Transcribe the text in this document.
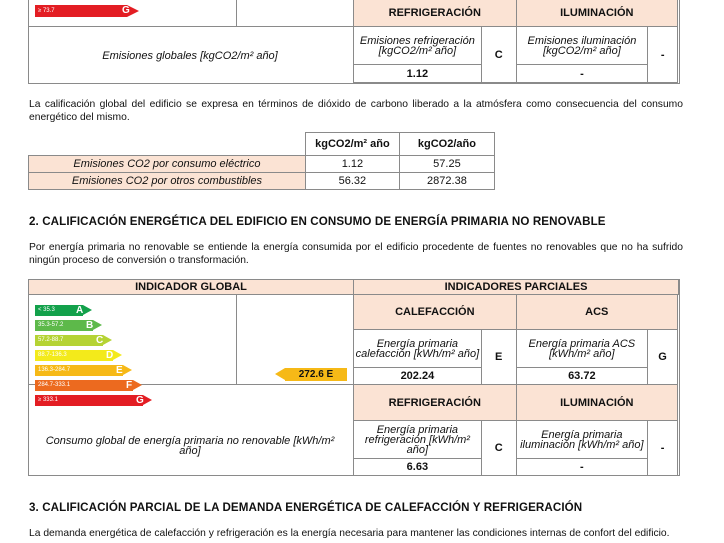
≥ 73.7	G	REFRIGERACIÓN		ILUMINACIÓN	
Emisiones refrigeración [kgCO2/m² año]	C	Emisiones iluminación [kgCO2/m² año]	-
1.12		-	
Emisiones globales [kgCO2/m² año]
La calificación global del edificio se expresa en términos de dióxido de carbono liberado a la atmósfera como consecuencia del consumo energético del mismo.
	kgCO2/m² año	kgCO2/año
Emisiones CO2 por consumo eléctrico	1.12	57.25
Emisiones CO2 por otros combustibles	56.32	2872.38
2. CALIFICACIÓN ENERGÉTICA DEL EDIFICIO EN CONSUMO DE ENERGÍA PRIMARIA NO RENOVABLE
Por energía primaria no renovable se entiende la energía consumida por el edificio procedente de fuentes no renovables que no ha sufrido ningún proceso de conversión o transformación.
INDICADOR GLOBAL	INDICADORES PARCIALES
< 35.3	A
35.3-57.2	B
57.2-88.7	C
88.7-136.3	D
136.3-284.7	E
284.7-333.1	F
≥ 333.1	G
272.6 E
CALEFACCIÓN		ACS	
Energía primaria calefacción [kWh/m² año]	E	Energía primaria ACS [kWh/m² año]	G
202.24		63.72	
REFRIGERACIÓN		ILUMINACIÓN	
Energía primaria refrigeración [kWh/m² año]	C	Energía primaria iluminación [kWh/m² año]	-
6.63		-	
Consumo global de energía primaria no renovable [kWh/m² año]
3. CALIFICACIÓN PARCIAL DE LA DEMANDA ENERGÉTICA DE CALEFACCIÓN Y REFRIGERACIÓN
La demanda energética de calefacción y refrigeración es la energía necesaria para mantener las condiciones internas de confort del edificio.
